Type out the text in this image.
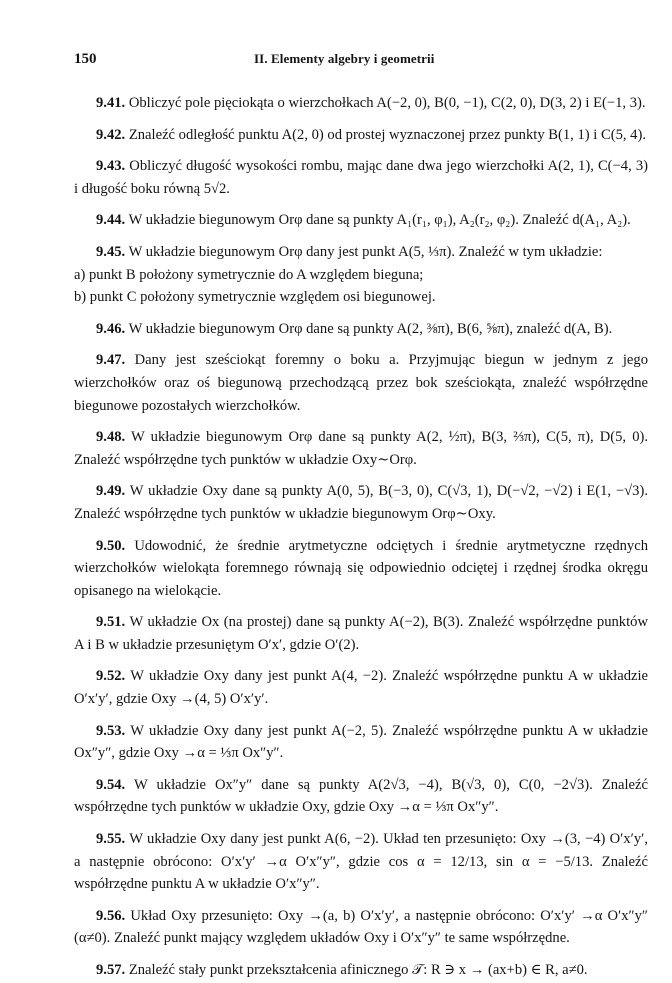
150	II. Elementy algebry i geometrii

9.41. Obliczyć pole pięciokąta o wierzchołkach A(−2, 0), B(0, −1), C(2, 0), D(3, 2) i E(−1, 3).

9.42. Znaleźć odległość punktu A(2, 0) od prostej wyznaczonej przez punkty B(1, 1) i C(5, 4).

9.43. Obliczyć długość wysokości rombu, mając dane dwa jego wierzchołki A(2, 1), C(−4, 3) i długość boku równą 5√2.

9.44. W układzie biegunowym Orφ dane są punkty A₁(r₁, φ₁), A₂(r₂, φ₂). Znaleźć d(A₁, A₂).

9.45. W układzie biegunowym Orφ dany jest punkt A(5, ⅓π). Znaleźć w tym układzie:

a) punkt B położony symetrycznie do A względem bieguna;

b) punkt C położony symetrycznie względem osi biegunowej.

9.46. W układzie biegunowym Orφ dane są punkty A(2, ⅜π), B(6, ⅝π), znaleźć d(A, B).

9.47. Dany jest sześciokąt foremny o boku a. Przyjmując biegun w jednym z jego wierzchołków oraz oś biegunową przechodzącą przez bok sześciokąta, znaleźć współrzędne biegunowe pozostałych wierzchołków.

9.48. W układzie biegunowym Orφ dane są punkty A(2, ½π), B(3, ⅔π), C(5, π), D(5, 0). Znaleźć współrzędne tych punktów w układzie Oxy∼Orφ.

9.49. W układzie Oxy dane są punkty A(0, 5), B(−3, 0), C(√3, 1), D(−√2, −√2) i E(1, −√3). Znaleźć współrzędne tych punktów w układzie biegunowym Orφ∼Oxy.

9.50. Udowodnić, że średnie arytmetyczne odciętych i średnie arytmetyczne rzędnych wierzchołków wielokąta foremnego równają się odpowiednio odciętej i rzędnej środka okręgu opisanego na wielokącie.

9.51. W układzie Ox (na prostej) dane są punkty A(−2), B(3). Znaleźć współrzędne punktów A i B w układzie przesuniętym O′x′, gdzie O′(2).

9.52. W układzie Oxy dany jest punkt A(4, −2). Znaleźć współrzędne punktu A w układzie O′x′y′, gdzie Oxy →(4, 5) O′x′y′.

9.53. W układzie Oxy dany jest punkt A(−2, 5). Znaleźć współrzędne punktu A w układzie Ox″y″, gdzie Oxy →α = ⅓π Ox″y″.

9.54. W układzie Ox″y″ dane są punkty A(2√3, −4), B(√3, 0), C(0, −2√3). Znaleźć współrzędne tych punktów w układzie Oxy, gdzie Oxy →α = ⅓π Ox″y″.

9.55. W układzie Oxy dany jest punkt A(6, −2). Układ ten przesunięto: Oxy →(3, −4) O′x′y′, a następnie obrócono: O′x′y′ →α O′x″y″, gdzie cos α = 12/13, sin α = −5/13. Znaleźć współrzędne punktu A w układzie O′x″y″.

9.56. Układ Oxy przesunięto: Oxy →(a, b) O′x′y′, a następnie obrócono: O′x′y′ →α O′x″y″ (α≠0). Znaleźć punkt mający względem układów Oxy i O′x″y″ te same współrzędne.

9.57. Znaleźć stały punkt przekształcenia afinicznego 𝒯: R ∋ x → (ax+b) ∈ R, a≠0.
